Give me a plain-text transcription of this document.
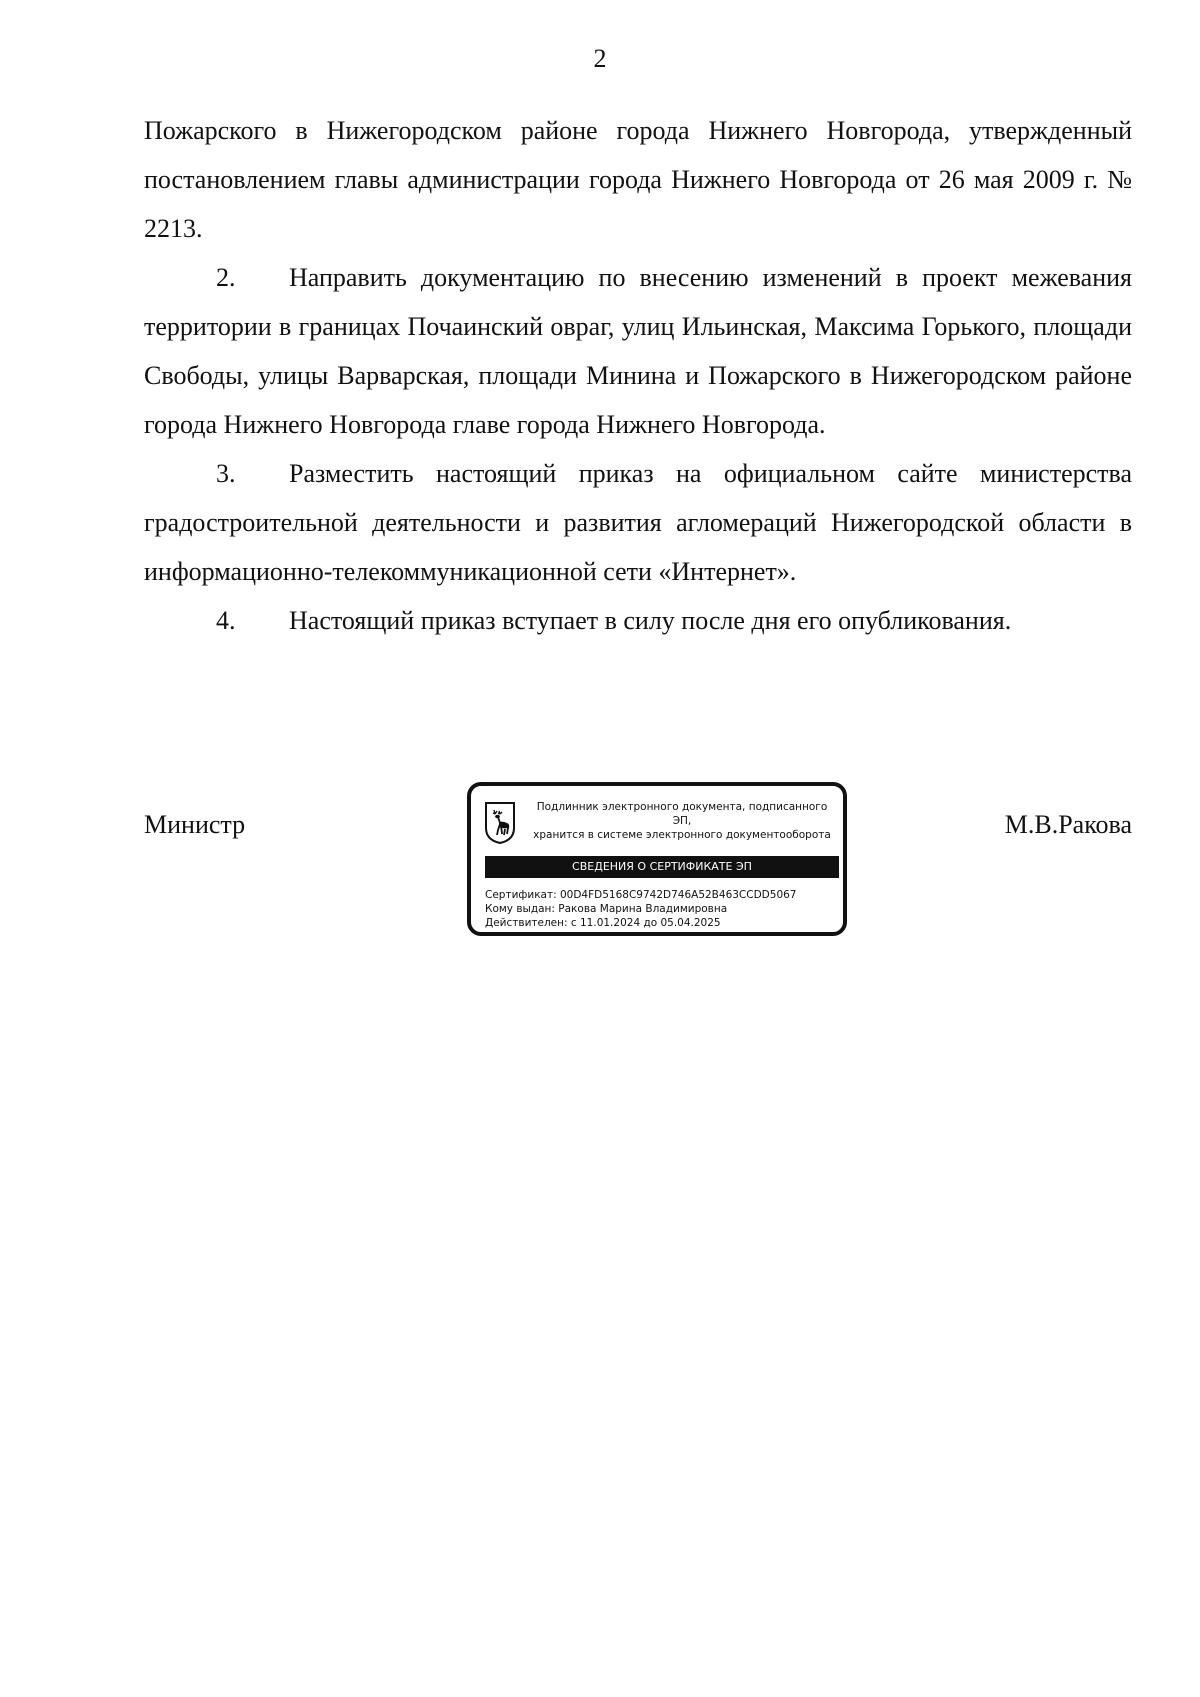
2

Пожарского в Нижегородском районе города Нижнего Новгорода, утвержденный постановлением главы администрации города Нижнего Новгорода от 26 мая 2009 г. № 2213.

2. Направить документацию по внесению изменений в проект межевания территории в границах Почаинский овраг, улиц Ильинская, Максима Горького, площади Свободы, улицы Варварская, площади Минина и Пожарского в Нижегородском районе города Нижнего Новгорода главе города Нижнего Новгорода.

3. Разместить настоящий приказ на официальном сайте министерства градостроительной деятельности и развития агломераций Нижегородской области в информационно-телекоммуникационной сети «Интернет».

4. Настоящий приказ вступает в силу после дня его опубликования.

Министр	М.В.Ракова
Подлинник электронного документа, подписанного ЭП,
хранится в системе электронного документооборота
СВЕДЕНИЯ О СЕРТИФИКАТЕ ЭП
Сертификат: 00D4FD5168C9742D746A52B463CCDD5067
Кому выдан: Ракова Марина Владимировна
Действителен: с 11.01.2024 до 05.04.2025
